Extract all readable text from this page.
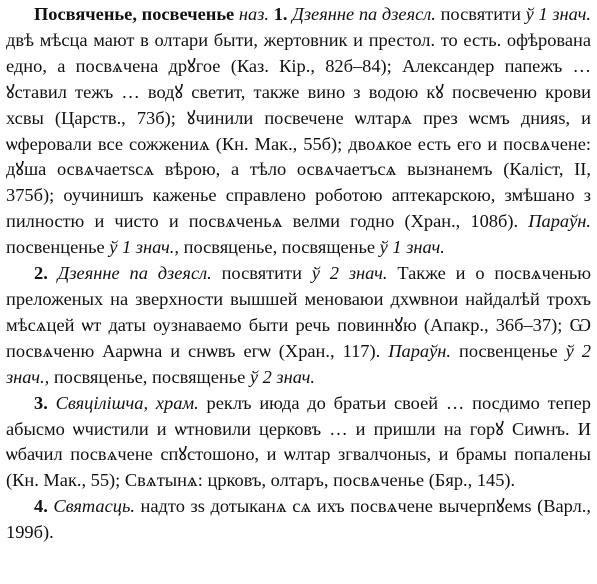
Посвяченье, посвеченье наз. 1. Дзеянне па дзеясл. посвятити ў 1 знач. двѣ мѣсца мают в олтари быти, жертовник и престол. то есть. офѣрована едно, а посвѧчена дрꙋгое (Каз. Кір., 82б–84); Александер папежъ … ꙋставил тежъ … водꙋ светит, также вино з водою кꙋ посвеченю крови хсвы (Царств., 73б); ꙋчинили посвечене ѡлтарѧ през ѡсмъ днияѕ, и ѡферовали все сожжениѧ (Кн. Мак., 55б); двоѧкое есть его и посвѧчене: дꙋша освѧчаетѕсѧ вѣрою, а тѣло освѧчаетъсѧ вызнанемъ (Каліст, II, 375б); оучинишъ каженье справлено роботою аптекарскою, змѣшано з пилностю и чисто и посвѧченьѧ велми годно (Хран., 108б). Параўн. посвенценье ў 1 знач., посвяценье, посвященье ў 1 знач.

2. Дзеянне па дзеясл. посвятити ў 2 знач. Также и о посвѧченью преложеных на зверхности вышшей меноваюи дхѡвнои найдалѣй трохъ мѣсѧцей ѡт даты оузнаваемо быти речь повиннꙋю (Апакр., 36б–37); Ѡ посвѧченю Аарѡна и снѡвъ егѡ (Хран., 117). Параўн. посвенценье ў 2 знач., посвяценье, посвященье ў 2 знач.

3. Свяцілішча, храм. реклъ июда до братьи своей … посдимо тепер абысмо ѡчистили и ѡтновили церковъ … и пришли на горꙋ Сиѡнъ. И ѡбачил посвѧчене спꙋстошоно, и ѡлтар згвалчоныѕ, и брамы попалены (Кн. Мак., 55); Свѧтынѧ: црковъ, олтаръ, посвѧченье (Бяр., 145).

4. Святасць. надто зѕ дотыканѧ сѧ ихъ посвѧчене вычерпꙋемѕ (Варл., 199б).
